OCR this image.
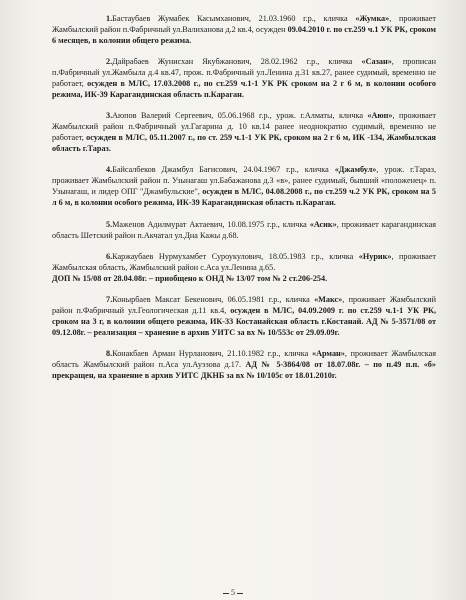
1.Бастаубаев Жумабек Касымханович, 21.03.1960 г.р., кличка «Жумка», проживает Жамбылский район п.Фабричный ул.Валиханова д.2 кв.4, осужден 09.04.2010 г. по ст.259 ч.1 УК РК, сроком 6 месяцев, в колонии общего режима.
2.Дайрабаев Жунисхан Якубжанович, 28.02.1962 г.р., кличка «Сазан», прописан п.Фабричный ул.Жамбыла д.4 кв.47, прож. п.Фабричный ул.Ленина д.31 кв.27, ранее судимый, временно не работает, осужден в МЛС, 17.03.2008 г., по ст.259 ч.1-1 УК РК сроком на 2 г 6 м, в колонии особого режима, ИК-39 Карагандинская область п.Караган.
3.Аюпов Валерий Сергеевич, 05.06.1968 г.р., урож. г.Алматы, кличка «Аюп», проживает Жамбылский район п.Фабричный ул.Гагарина д. 10 кв.14 ранее неоднократно судимый, временно не работает, осужден в МЛС, 05.11.2007 г., по ст. 259 ч.1-1 УК РК, сроком на 2 г 6 м, ИК -134, Жамбылская область г.Тараз.
4.Байсалбеков Джамбул Бағисович, 24.04.1967 г.р., кличка «Джамбул», урож. г.Тараз, проживает Жамбылский район п. Узынагаш ул.Бабажанова д.3 «в», ранее судимый, бывший «положенец» п. Узынагаш, и лидер ОПГ "Джамбульские", осужден в МЛС, 04.08.2008 г., по ст.259 ч.2 УК РК, сроком на 5 л 6 м, в колонии особого режима, ИК-39 Карагандинская область п.Караган.
5.Маженов Адилмурат Актаевич, 10.08.1975 г.р., кличка «Асик», проживает карагандинская область Шетский район п.Акчатал ул.Дна Кажы д.68.
6.Каржаубаев Нурмухамбет Суроукулович, 18.05.1983 г.р., кличка «Нурик», проживает Жамбылская область, Жамбылский район с.Аса ул.Ленина д.65.
ДОП № 15/08 от 28.04.08г. – приобщено к ОНД № 13/07 том № 2 ст.206-254.
7.Конырбаев Максат Бекенович, 06.05.1981 г.р., кличка «Макс», проживает Жамбылский район п.Фабричный ул.Геологическая д.11 кв.4, осужден в МЛС, 04.09.2009 г. по ст.259 ч.1-1 УК РК, сроком на 3 г, в колонии общего режима, ИК-33 Костанайская область г.Костанай. АД № 5-3571/08 от 09.12.08г. – реализация – хранение в архив УИТС за вх № 10/553с от 29.09.09г.
8.Конакбаев Арман Нурланович, 21.10.1982 г.р., кличка «Арман», проживает Жамбылская область Жамбылский район п.Аса ул.Ауэзова д.17. АД № 5-3864/08 от 18.07.08г. – по п.49 п.п. «б» прекращен, на хранение в архив УИТС ДКНБ за вх № 10/105с от 18.01.2010г.
5
